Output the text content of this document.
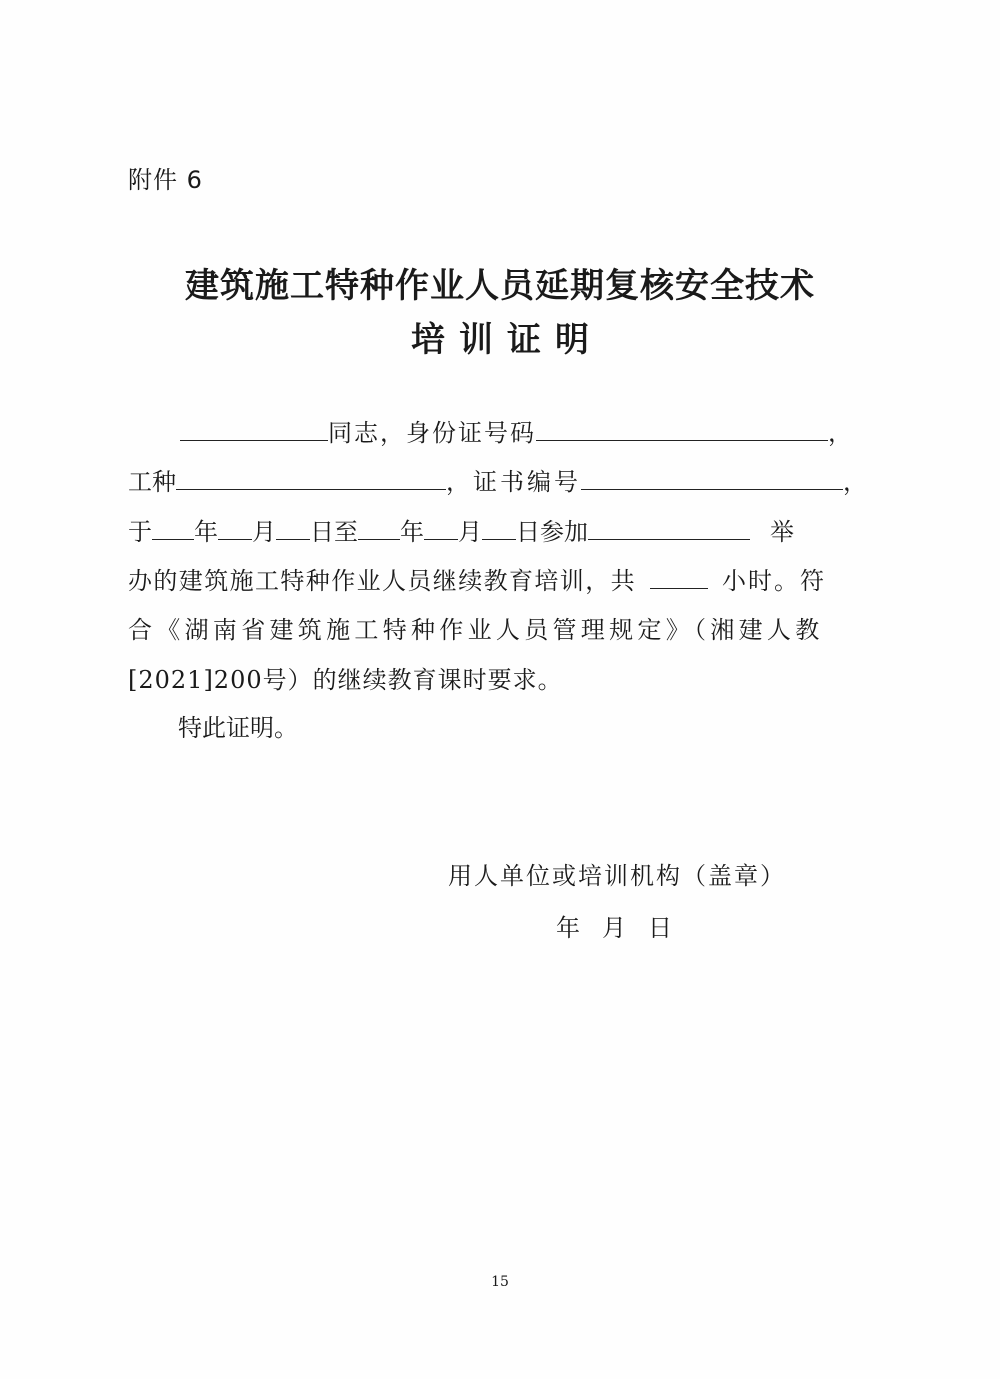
附件 6
建筑施工特种作业人员延期复核安全技术
培训证明
同志，身份证号码	，
工种	，证书编号	，
于 年 月 日至 年 月 日参加	举
办的建筑施工特种作业人员继续教育培训，共	小时。符
合《湖南省建筑施工特种作业人员管理规定》（湘建人教
[2021]200号）的继续教育课时要求。
特此证明。
用人单位或培训机构（盖章）
年 月 日
15
